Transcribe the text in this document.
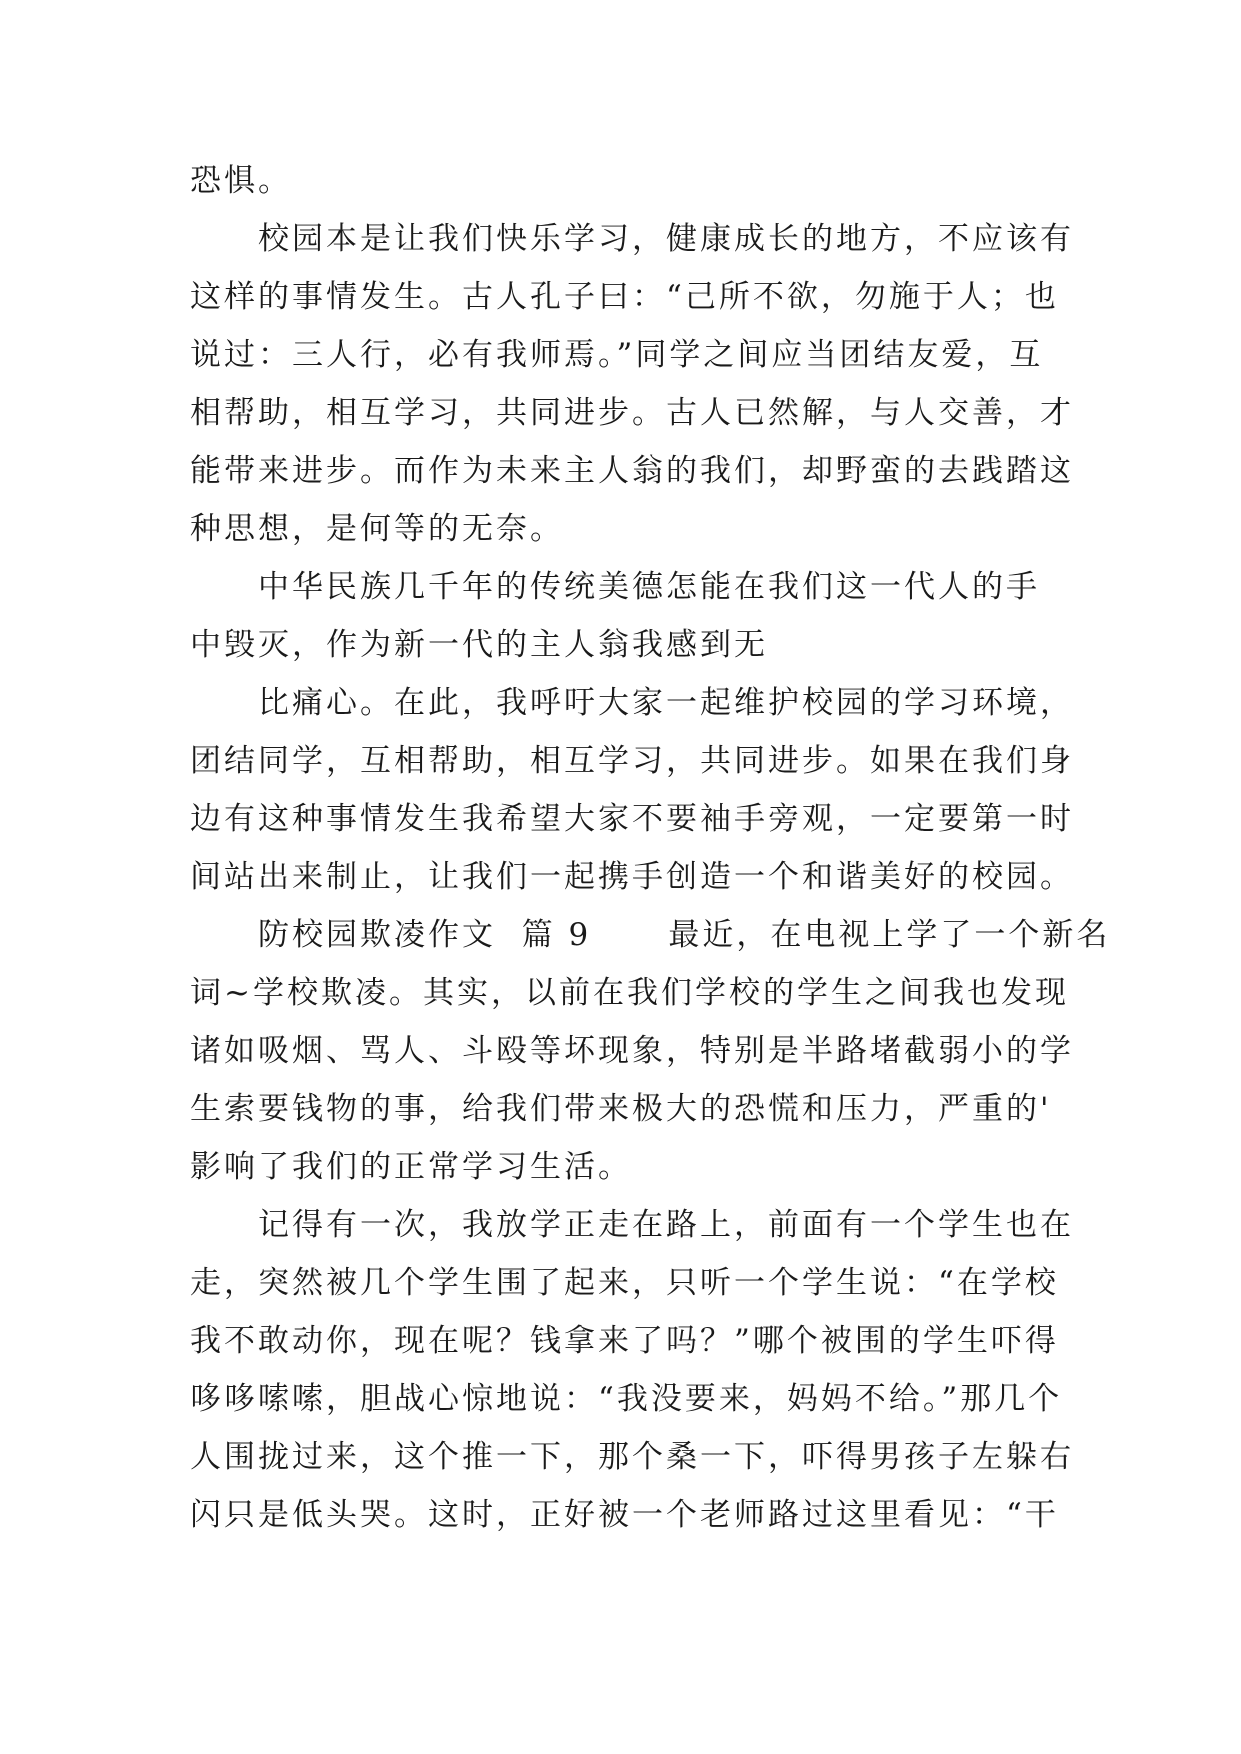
恐惧。
校园本是让我们快乐学习，健康成长的地方，不应该有
这样的事情发生。古人孔子曰：“己所不欲，勿施于人；也
说过：三人行，必有我师焉。”同学之间应当团结友爱，互
相帮助，相互学习，共同进步。古人已然解，与人交善，才
能带来进步。而作为未来主人翁的我们，却野蛮的去践踏这
种思想，是何等的无奈。
中华民族几千年的传统美德怎能在我们这一代人的手
中毁灭，作为新一代的主人翁我感到无
比痛心。在此，我呼吁大家一起维护校园的学习环境，
团结同学，互相帮助，相互学习，共同进步。如果在我们身
边有这种事情发生我希望大家不要袖手旁观，一定要第一时
间站出来制止，让我们一起携手创造一个和谐美好的校园。
防校园欺凌作文  篇 9      最近，在电视上学了一个新名
词~学校欺凌。其实，以前在我们学校的学生之间我也发现
诸如吸烟、骂人、斗殴等坏现象，特别是半路堵截弱小的学
生索要钱物的事，给我们带来极大的恐慌和压力，严重的'
影响了我们的正常学习生活。
记得有一次，我放学正走在路上，前面有一个学生也在
走，突然被几个学生围了起来，只听一个学生说：“在学校
我不敢动你，现在呢？钱拿来了吗？”哪个被围的学生吓得
哆哆嗦嗦，胆战心惊地说：“我没要来，妈妈不给。”那几个
人围拢过来，这个推一下，那个桑一下，吓得男孩子左躲右
闪只是低头哭。这时，正好被一个老师路过这里看见：“干
